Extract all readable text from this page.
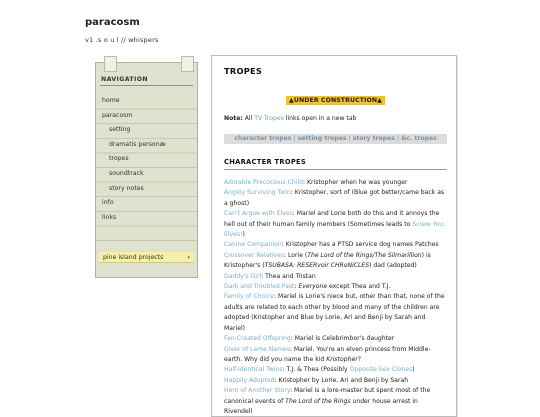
paracosm
v1 .s o u l // whispers
NAVIGATION
home
paracosm
setting
dramatis personæ
tropes
soundtrack
story notes
info
links
pine island projects	›
TROPES
▲UNDER CONSTRUCTION▲
Note: All TV Tropes links open in a new tab
character tropes | setting tropes | story tropes | &c. tropes
CHARACTER TROPES
Adorable Precocious Child: Kristopher when he was younger
Angsty Surviving Twin: Kristopher, sort of (Blue got better/came back as a ghost)
Can't Argue with Elves: Mariel and Lorie both do this and it annoys the hell out of their human family members (Sometimes leads to Screw You, Elves!)
Canine Companion: Kristopher has a PTSD service dog names Patches
Crossover Relatives: Lorie (The Lord of the Rings/The Silmarillion) is Kristopher's (TSUBASA: RESERvoir CHRoNiCLES) dad (adopted)
Daddy's Girl: Thea and Tristan
Dark and Troubled Past: Everyone except Thea and T.J.
Family of Choice: Mariel is Lorie's niece but, other than that, none of the adults are related to each other by blood and many of the children are adopted (Kristopher and Blue by Lorie, Ari and Benji by Sarah and Mariel)
Fan-Created Offspring: Mariel is Celebrimbor's daughter
Giver of Lame Names: Mariel. You're an elven princess from Middle-earth. Why did you name the kid Kristopher?
Half-Identical Twins: T.J. & Thea (Possibly Opposite Sex Clones)
Happily Adopted: Kristopher by Lorie, Ari and Benji by Sarah
Hero of Another Story: Mariel is a lore-master but spent most of the canonical events of The Lord of the Rings under house arrest in Rivendell
